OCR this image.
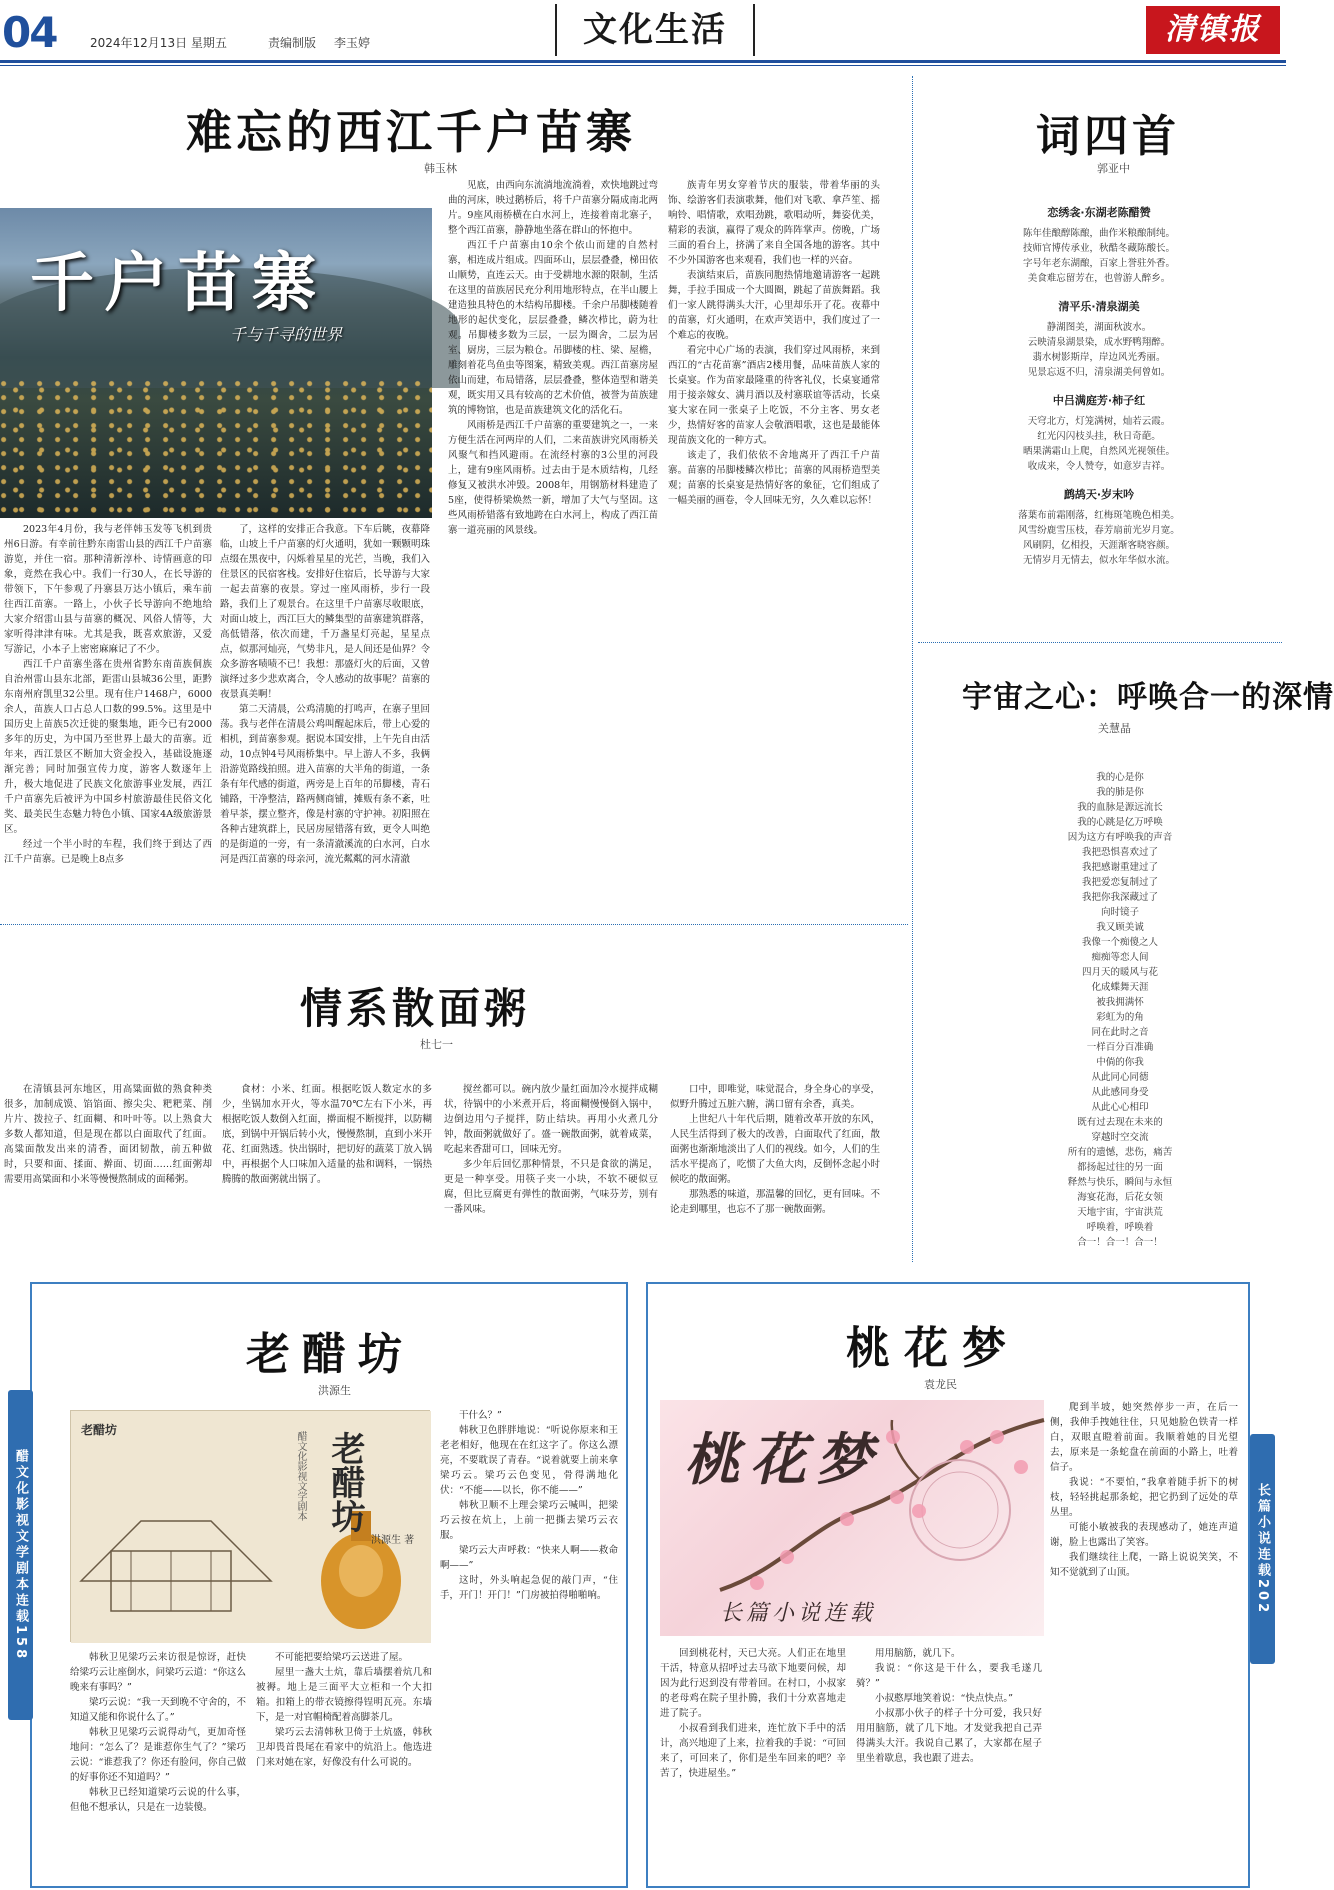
04	2024年12月13日 星期五	责编制版 李玉婷	文化生活	清镇报
难忘的西江千户苗寨
韩玉林
千户苗寨
千与千寻的世界

2023年4月份，我与老伴韩玉发等飞机到贵州6日游。有幸前往黔东南雷山县的西江千户苗寨游览，并住一宿。那种清新淳朴、诗情画意的印象，竟然在我心中。我们一行30人，在长导游的带领下，下午参观了丹寨县万达小镇后，乘车前往西江苗寨。一路上，小伙子长导游向不绝地给大家介绍雷山县与苗寨的概况、风俗人情等，大家听得津津有味。尤其是我，既喜欢旅游，又爱写游记，小本子上密密麻麻记了不少。

西江千户苗寨坐落在贵州省黔东南苗族侗族自治州雷山县东北部，距雷山县城36公里，距黔东南州府凯里32公里。现有住户1468户，6000余人，苗族人口占总人口数的99.5%。这里是中国历史上苗族5次迁徙的聚集地，距今已有2000多年的历史，为中国乃至世界上最大的苗寨。近年来，西江景区不断加大资金投入，基础设施逐渐完善；同时加强宣传力度，游客人数逐年上升，极大地促进了民族文化旅游事业发展，西江千户苗寨先后被评为中国乡村旅游最佳民俗文化奖、最美民生态魅力特色小镇、国家4A级旅游景区。

经过一个半小时的车程，我们终于到达了西江千户苗寨。已是晚上8点多

了，这样的安排正合我意。下车后眺，夜幕降临，山坡上千户苗寨的灯火通明，犹如一颗颗明珠点缀在黑夜中，闪烁着星星的光芒，当晚，我们入住景区的民宿客栈。安排好住宿后，长导游与大家一起去苗寨的夜景。穿过一座风雨桥，步行一段路，我们上了观景台。在这里千户苗寨尽收眼底，对面山坡上，西江巨大的鳞集型的苗寨建筑群落，高低错落，依次而建，千万盏星灯亮起，星星点点，似那河灿亮，气势非凡，是人间还是仙界？令众多游客啧啧不已！我想：那盛灯火的后面，又曾演绎过多少悲欢离合，令人感动的故事呢？苗寨的夜景真美啊！

第二天清晨，公鸡清脆的打鸣声，在寨子里回荡。我与老伴在清晨公鸡叫醒起床后，带上心爱的相机，到苗寨参观。据说本国安排，上午先自由活动，10点钟4号风雨桥集中。早上游人不多，我俩沿游览路线拍照。进入苗寨的大半角的街道，一条条有年代感的街道，两旁是上百年的吊脚楼，青石铺路，干净整洁，路两侧商铺，摊贩有条不紊，吐着早茶，摆立整齐，像是村寨的守护神。初阳照在各种古建筑群上，民居房屋错落有致，更令人叫绝的是街道的一旁，有一条清澈溪流的白水河，白水河是西江苗寨的母亲河，流光粼粼的河水清澈

见底，由西向东流淌地流淌着，欢快地跳过弯曲的河床，映过鹅桥后，将千户苗寨分隔成南北两片。9座风雨桥横在白水河上，连接着南北寨子，整个西江苗寨，静静地坐落在群山的怀抱中。

西江千户苗寨由10余个依山而建的自然村寨，相连成片组成。四面环山，层层叠叠，梯田依山顺势，直连云天。由于受耕地水源的限制，生活在这里的苗族居民充分利用地形特点，在半山腰上建造独具特色的木结构吊脚楼。千余户吊脚楼随着地形的起伏变化，层层叠叠，鳞次栉比，蔚为壮观。吊脚楼多数为三层，一层为圈舍，二层为居室、厨房，三层为粮仓。吊脚楼的柱、梁、屋檐，雕刻着花鸟鱼虫等图案，精致美观。西江苗寨房屋依山而建，布局错落，层层叠叠，整体造型和谐美观，既实用又具有较高的艺术价值，被誉为苗族建筑的博物馆，也是苗族建筑文化的活化石。

风雨桥是西江千户苗寨的重要建筑之一，一来方便生活在河两岸的人们，二来苗族讲究风雨桥关风聚气和挡风避雨。在流经村寨的3公里的河段上，建有9座风雨桥。过去由于是木质结构，几经修复又被洪水冲毁。2008年，用钢筋材料建造了5座，使得桥梁焕然一新，增加了大气与坚固。这些风雨桥错落有致地跨在白水河上，构成了西江苗寨一道亮丽的风景线。

族青年男女穿着节庆的服装，带着华丽的头饰、绘游客们表演歌舞，他们对飞歌、拿芦笙、摇响铃、唱情歌，欢唱劲跳，歌唱动听，舞姿优美，精彩的表演，赢得了观众的阵阵掌声。傍晚，广场三面的看台上，挤满了来自全国各地的游客。其中不少外国游客也来观看，我们也一样的兴奋。

表演结束后，苗族同胞热情地邀请游客一起跳舞，手拉手围成一个大圆圈，跳起了苗族舞蹈。我们一家人跳得满头大汗，心里却乐开了花。夜幕中的苗寨，灯火通明，在欢声笑语中，我们度过了一个难忘的夜晚。

看完中心广场的表演，我们穿过风雨桥，来到西江的“古花苗寨”酒店2楼用餐，品味苗族人家的长桌宴。作为苗家最隆重的待客礼仪，长桌宴通常用于接亲嫁女、满月酒以及村寨联谊等活动，长桌宴大家在同一张桌子上吃饭，不分主客、男女老少，热情好客的苗家人会敬酒唱歌，这也是最能体现苗族文化的一种方式。

该走了，我们依依不舍地离开了西江千户苗寨。苗寨的吊脚楼鳞次栉比；苗寨的风雨桥造型美观；苗寨的长桌宴是热情好客的象征，它们组成了一幅美丽的画卷，令人回味无穷，久久难以忘怀！

词四首
郭亚中
恋绣衾·东湖老陈醋赞
陈年佳酿醇陈酿，曲作米粮酿制纯。
技师官博传承业，秋酷冬藏陈酸长。
字号年老东湖酿，百家上誉驻外香。
美食难忘留芳在，也曾游人醉乡。
清平乐·清泉湖美
静湖图美，湖面秋波水。
云映清泉湖景染，成水野鸭翔醉。
翡水树影斯岸，岸边风光秀丽。
见景忘返不归，清泉湖美何曾如。
中吕满庭芳·柿子红
天穹北方，灯笼满树，灿若云霞。
红光闪闪枝头挂，秋日奇葩。
晒果满霜山上爬，自然风光视领佳。
收成来，令人赞夸，如意岁吉祥。
鹧鸪天·岁末吟
落葉布前霜刚落，红梅斑笔晚色相美。
风雪纷鹿雪压枝，春芳扇前光岁月宽。
风刷阴，亿相投，天涯渐客晓容颜。
无情岁月无情去，似水年华似水流。
宇宙之心：呼唤合一的深情
关慧晶
我的心是你
我的肺是你
我的血脉是源远流长
我的心跳是亿万呼唤
因为这方有呼唤我的声音
我把恐惧喜欢过了
我把感谢重建过了
我把爱恋复制过了
我把你我深藏过了
向时镜子
我又顾美诚
我像一个痴傻之人
痴痴等恋人间
四月天的暖风与花
化成蝶舞天涯
被我拥满怀
彩虹为的角
同在此时之音
一样百分百准确
中倘的你我
从此同心同德
从此感同身受
从此心心相印
既有过去现在未来的
穿越时空交流
所有的遗憾，悲伤，痛苦
都扬起过往的另一面
释然与快乐，瞬间与永恒
海宴花海，后花女领
天地宇宙，宇宙洪荒
呼唤着，呼唤着
合一！合一！合一！
情系散面粥
杜七一

在清镇县河东地区，用高粱面做的熟食种类很多，加制成馍、馅馅面、擦尖尖、粑粑菜、削片片、拨拉子、红面糊、和叶叶等。以上熟食大多数人都知道，但是现在都以白面取代了红面。高粱面散发出来的清香，面团韧散，前五种做时，只要和面、揉面、擀面、切面……红面粥却需要用高粱面和小米等慢慢熬制成的面稀粥。

食材：小米、红面。根据吃饭人数定水的多少，坐锅加水开火，等水温70℃左右下小米，再根据吃饭人数倒入红面，擀面棍不断搅拌，以防糊底，到锅中开锅后转小火，慢慢熬制，直到小米开花、红面熟透。快出锅时，把切好的蔬菜丁放入锅中，再根据个人口味加入适量的盐和调料，一锅热腾腾的散面粥就出锅了。

搅丝都可以。碗内放少量红面加冷水搅拌成糊状，待锅中的小米煮开后，将面糊慢慢倒入锅中，边倒边用勺子搅拌，防止结块。再用小火煮几分钟，散面粥就做好了。盛一碗散面粥，就着咸菜，吃起来香甜可口，回味无穷。

多少年后回忆那种情景，不只是食欲的满足，更是一种享受。用筷子夹一小块，不软不硬似豆腐，但比豆腐更有弹性的散面粥，气味芬芳，别有一番风味。

口中，即唯觉，味觉混合，身全身心的享受，似野升腾过五脏六腑，满口留有余香，真美。

上世纪八十年代后期，随着改革开放的东风，人民生活得到了极大的改善，白面取代了红面，散面粥也渐渐地淡出了人们的视线。如今，人们的生活水平提高了，吃惯了大鱼大肉，反倒怀念起小时候吃的散面粥。

那熟悉的味道，那温馨的回忆，更有回味。不论走到哪里，也忘不了那一碗散面粥。

醋文化影视文学剧本连载158
老醋坊
洪源生
老醋坊
老醋坊
醋文化影视文学剧本
洪源生 著

干什么？”

韩秋卫色胖胖地说：“听说你原来和王老老相好，他现在在红这字了。你这么漂亮，不要耽误了青春。“说着就要上前来拿梁巧云。梁巧云色变见，骨得满地化伏：“不能——以长，你不能——”

韩秋卫顺不上理会梁巧云喊叫，把梁巧云按在炕上，上前一把撕去梁巧云衣服。

梁巧云大声呼救：“快来人啊——救命啊——”

这时，外头响起急促的敲门声，“住手，开门！开门！”门房被拍得啪啪响。

韩秋卫见梁巧云来访很是惊讶，赶快给梁巧云让座倒水，问梁巧云道：“你这么晚来有事吗？”

梁巧云说：“我一天到晚不守舍的，不知道又能和你说什么了。”

韩秋卫见梁巧云说得动气，更加奇怪地问：“怎么了？是谁惹你生气了？”梁巧云说：“谁惹我了？你还有脸问，你自己做的好事你还不知道吗？”

韩秋卫已经知道梁巧云说的什么事，但他不想承认，只是在一边装傻。

不可能把要给梁巧云送进了屋。

屋里一盏大土炕，靠后墙摆着炕几和被褥。地上是三面平大立柜和一个大扣箱。扣箱上的带衣镜擦得锃明瓦亮。东墙下，是一对官帽椅配着高脚茶几。

梁巧云去清韩秋卫倚于土炕盛，韩秋卫却畏首畏尾在看家中的炕沿上。他选进门来对她在家，好像没有什么可说的。

长篇小说连载202
桃花梦
袁龙民
桃花梦
长篇小说连载

爬到半坡，她突然停步一声，在后一侧，我伸手拽她往住，只见她脸色铁青一样白，双眼直瞪着前面。我顺着她的目光望去，原来是一条蛇盘在前面的小路上，吐着信子。

我说：“不要怕，”我拿着随手折下的树枝，轻轻挑起那条蛇，把它扔到了远处的草丛里。

可能小敏被我的表现感动了，她连声道谢，脸上也露出了笑容。

我们继续往上爬，一路上说说笑笑，不知不觉就到了山顶。

回到桃花村，天已大亮。人们正在地里干活，特意从招呼过去马欲下地要问候，却因为此行迟到没有带着回。在村口，小叔家的老母鸡在院子里扑腾，我们十分欢喜地走进了院子。

小叔看到我们进来，连忙放下手中的活计，高兴地迎了上来，拉着我的手说：“可回来了，可回来了，你们是坐车回来的吧？辛苦了，快进屋坐。”

用用脑筋，就几下。

我说：“你这是干什么，要我毛遂几骑？”

小叔憨厚地笑着说：“快点快点。”

小叔那小伙子的样子十分可爱，我只好用用脑筋，就了几下地。才发觉我把自己弄得满头大汗。我说自己累了，大家都在屋子里坐着歇息，我也跟了进去。
